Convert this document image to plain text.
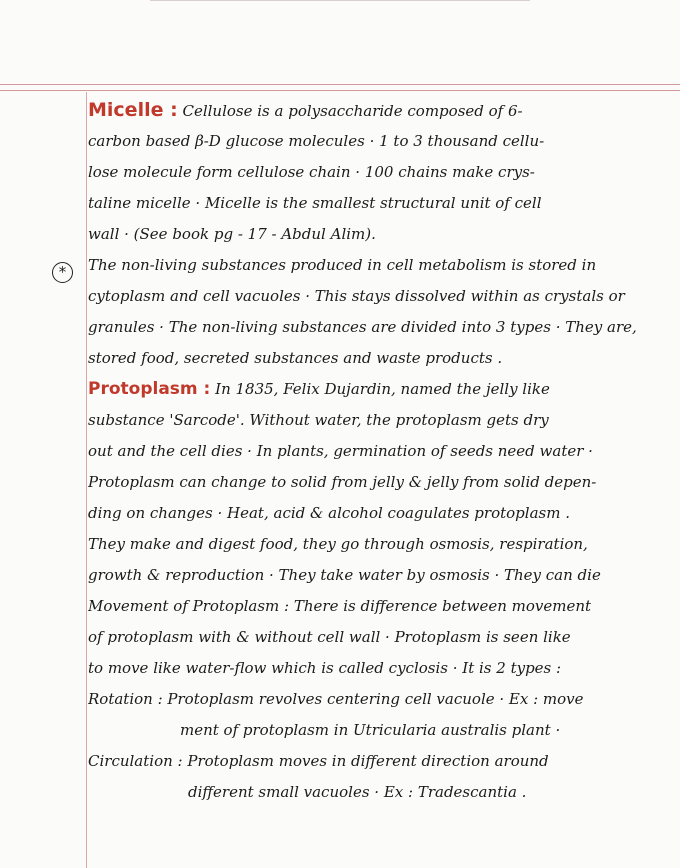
*
Micelle : Cellulose is a polysaccharide composed of 6-
carbon based β-D glucose molecules · 1 to 3 thousand cellu-
lose molecule form cellulose chain · 100 chains make crys-
taline micelle · Micelle is the smallest structural unit of cell
wall · (See book pg - 17 - Abdul Alim).
The non-living substances produced in cell metabolism is stored in
cytoplasm and cell vacuoles · This stays dissolved within as crystals or
granules · The non-living substances are divided into 3 types · They are,
stored food, secreted substances and waste products .
Protoplasm : In 1835, Felix Dujardin, named the jelly like
substance 'Sarcode'. Without water, the protoplasm gets dry
out and the cell dies · In plants, germination of seeds need water ·
Protoplasm can change to solid from jelly & jelly from solid depen-
ding on changes · Heat, acid & alcohol coagulates protoplasm .
They make and digest food, they go through osmosis, respiration,
growth & reproduction · They take water by osmosis · They can die
Movement of Protoplasm : There is difference between movement
of protoplasm with & without cell wall · Protoplasm is seen like
to move like water-flow which is called cyclosis · It is 2 types :
Rotation : Protoplasm revolves centering cell vacuole · Ex : move
ment of protoplasm in Utricularia australis plant ·
Circulation : Protoplasm moves in different direction around
different small vacuoles · Ex : Tradescantia .
